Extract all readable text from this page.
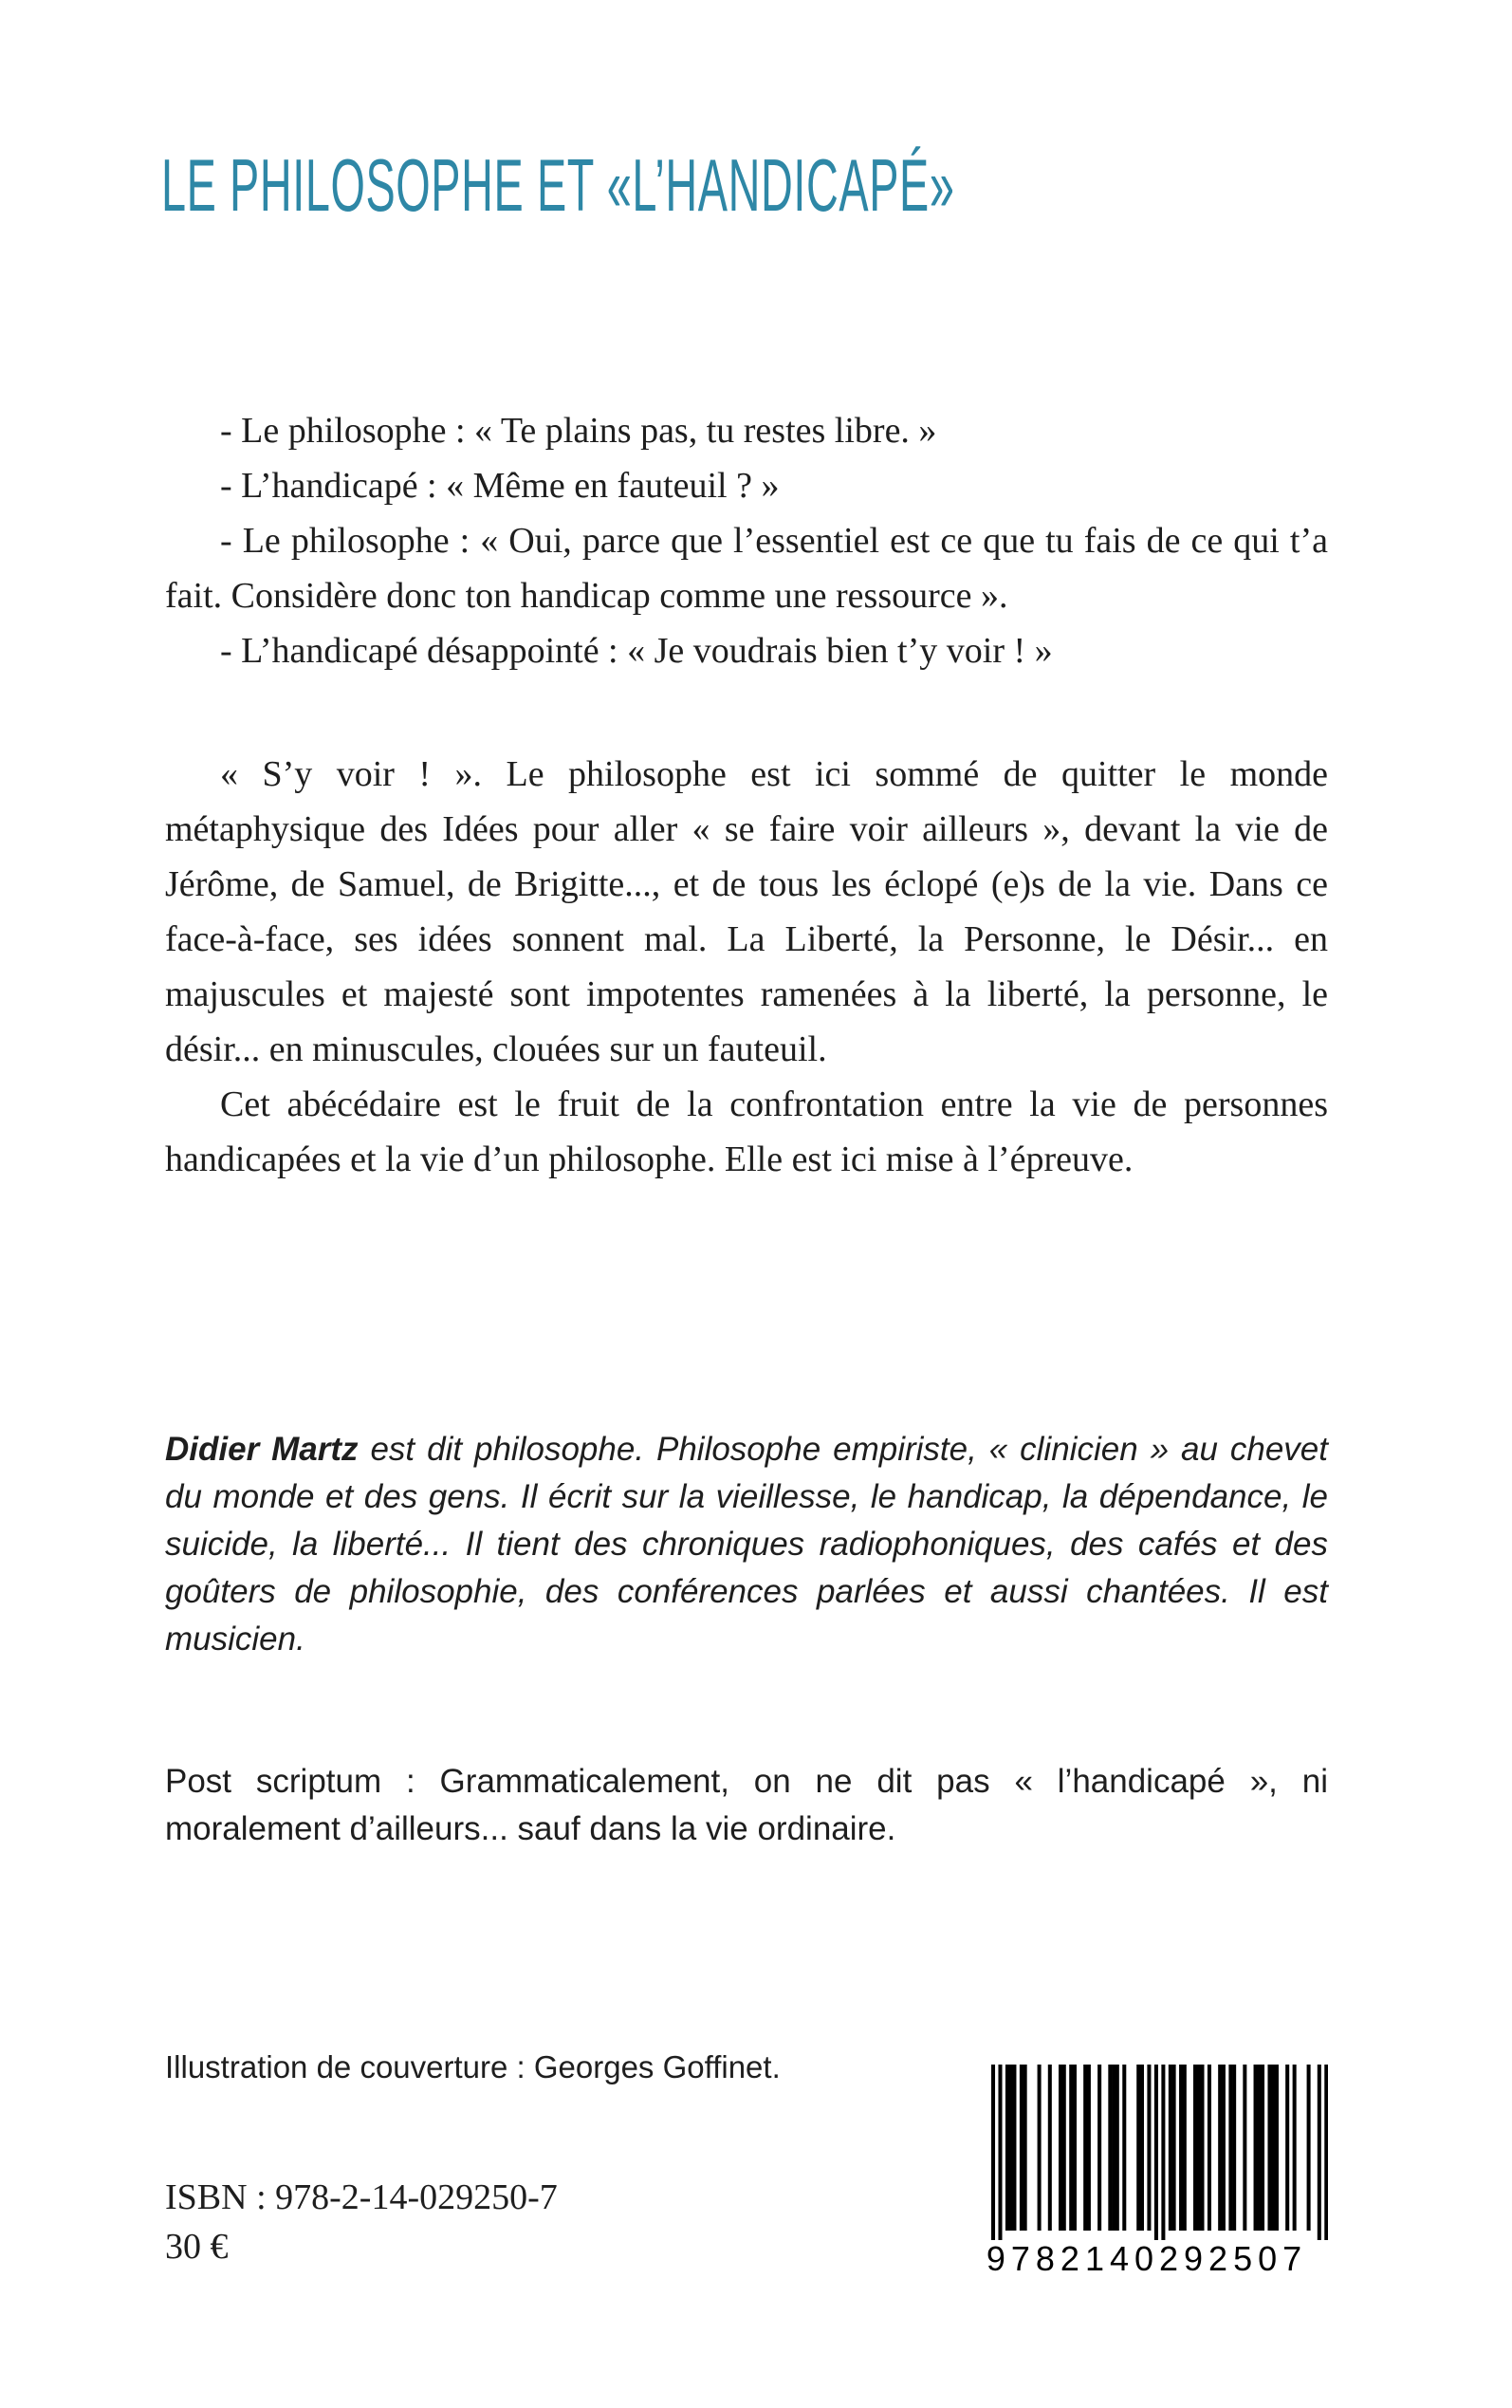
LE PHILOSOPHE ET «L’HANDICAPÉ»

- Le philosophe : « Te plains pas, tu restes libre. »

- L’handicapé : « Même en fauteuil ? »

- Le philosophe : « Oui, parce que l’essentiel est ce que tu fais de ce qui t’a fait. Considère donc ton handicap comme une ressource ».

- L’handicapé désappointé : « Je voudrais bien t’y voir ! »

« S’y voir ! ». Le philosophe est ici sommé de quitter le monde métaphysique des Idées pour aller « se faire voir ailleurs », devant la vie de Jérôme, de Samuel, de Brigitte..., et de tous les éclopé (e)s de la vie. Dans ce face-à-face, ses idées sonnent mal. La Liberté, la Personne, le Désir... en majuscules et majesté sont impotentes ramenées à la liberté, la personne, le désir... en minuscules, clouées sur un fauteuil.

Cet abécédaire est le fruit de la confrontation entre la vie de personnes handicapées et la vie d’un philosophe. Elle est ici mise à l’épreuve.

Didier Martz est dit philosophe. Philosophe empiriste, « clinicien » au chevet du monde et des gens. Il écrit sur la vieillesse, le handicap, la dépendance, le suicide, la liberté... Il tient des chroniques radiophoniques, des cafés et des goûters de philosophie, des conférences parlées et aussi chantées. Il est musicien.
Post scriptum : Grammaticalement, on ne dit pas « l’handicapé », ni moralement d’ailleurs... sauf dans la vie ordinaire.
Illustration de couverture : Georges Goffinet.
ISBN : 978-2-14-029250-7
30 €	9782140292507
